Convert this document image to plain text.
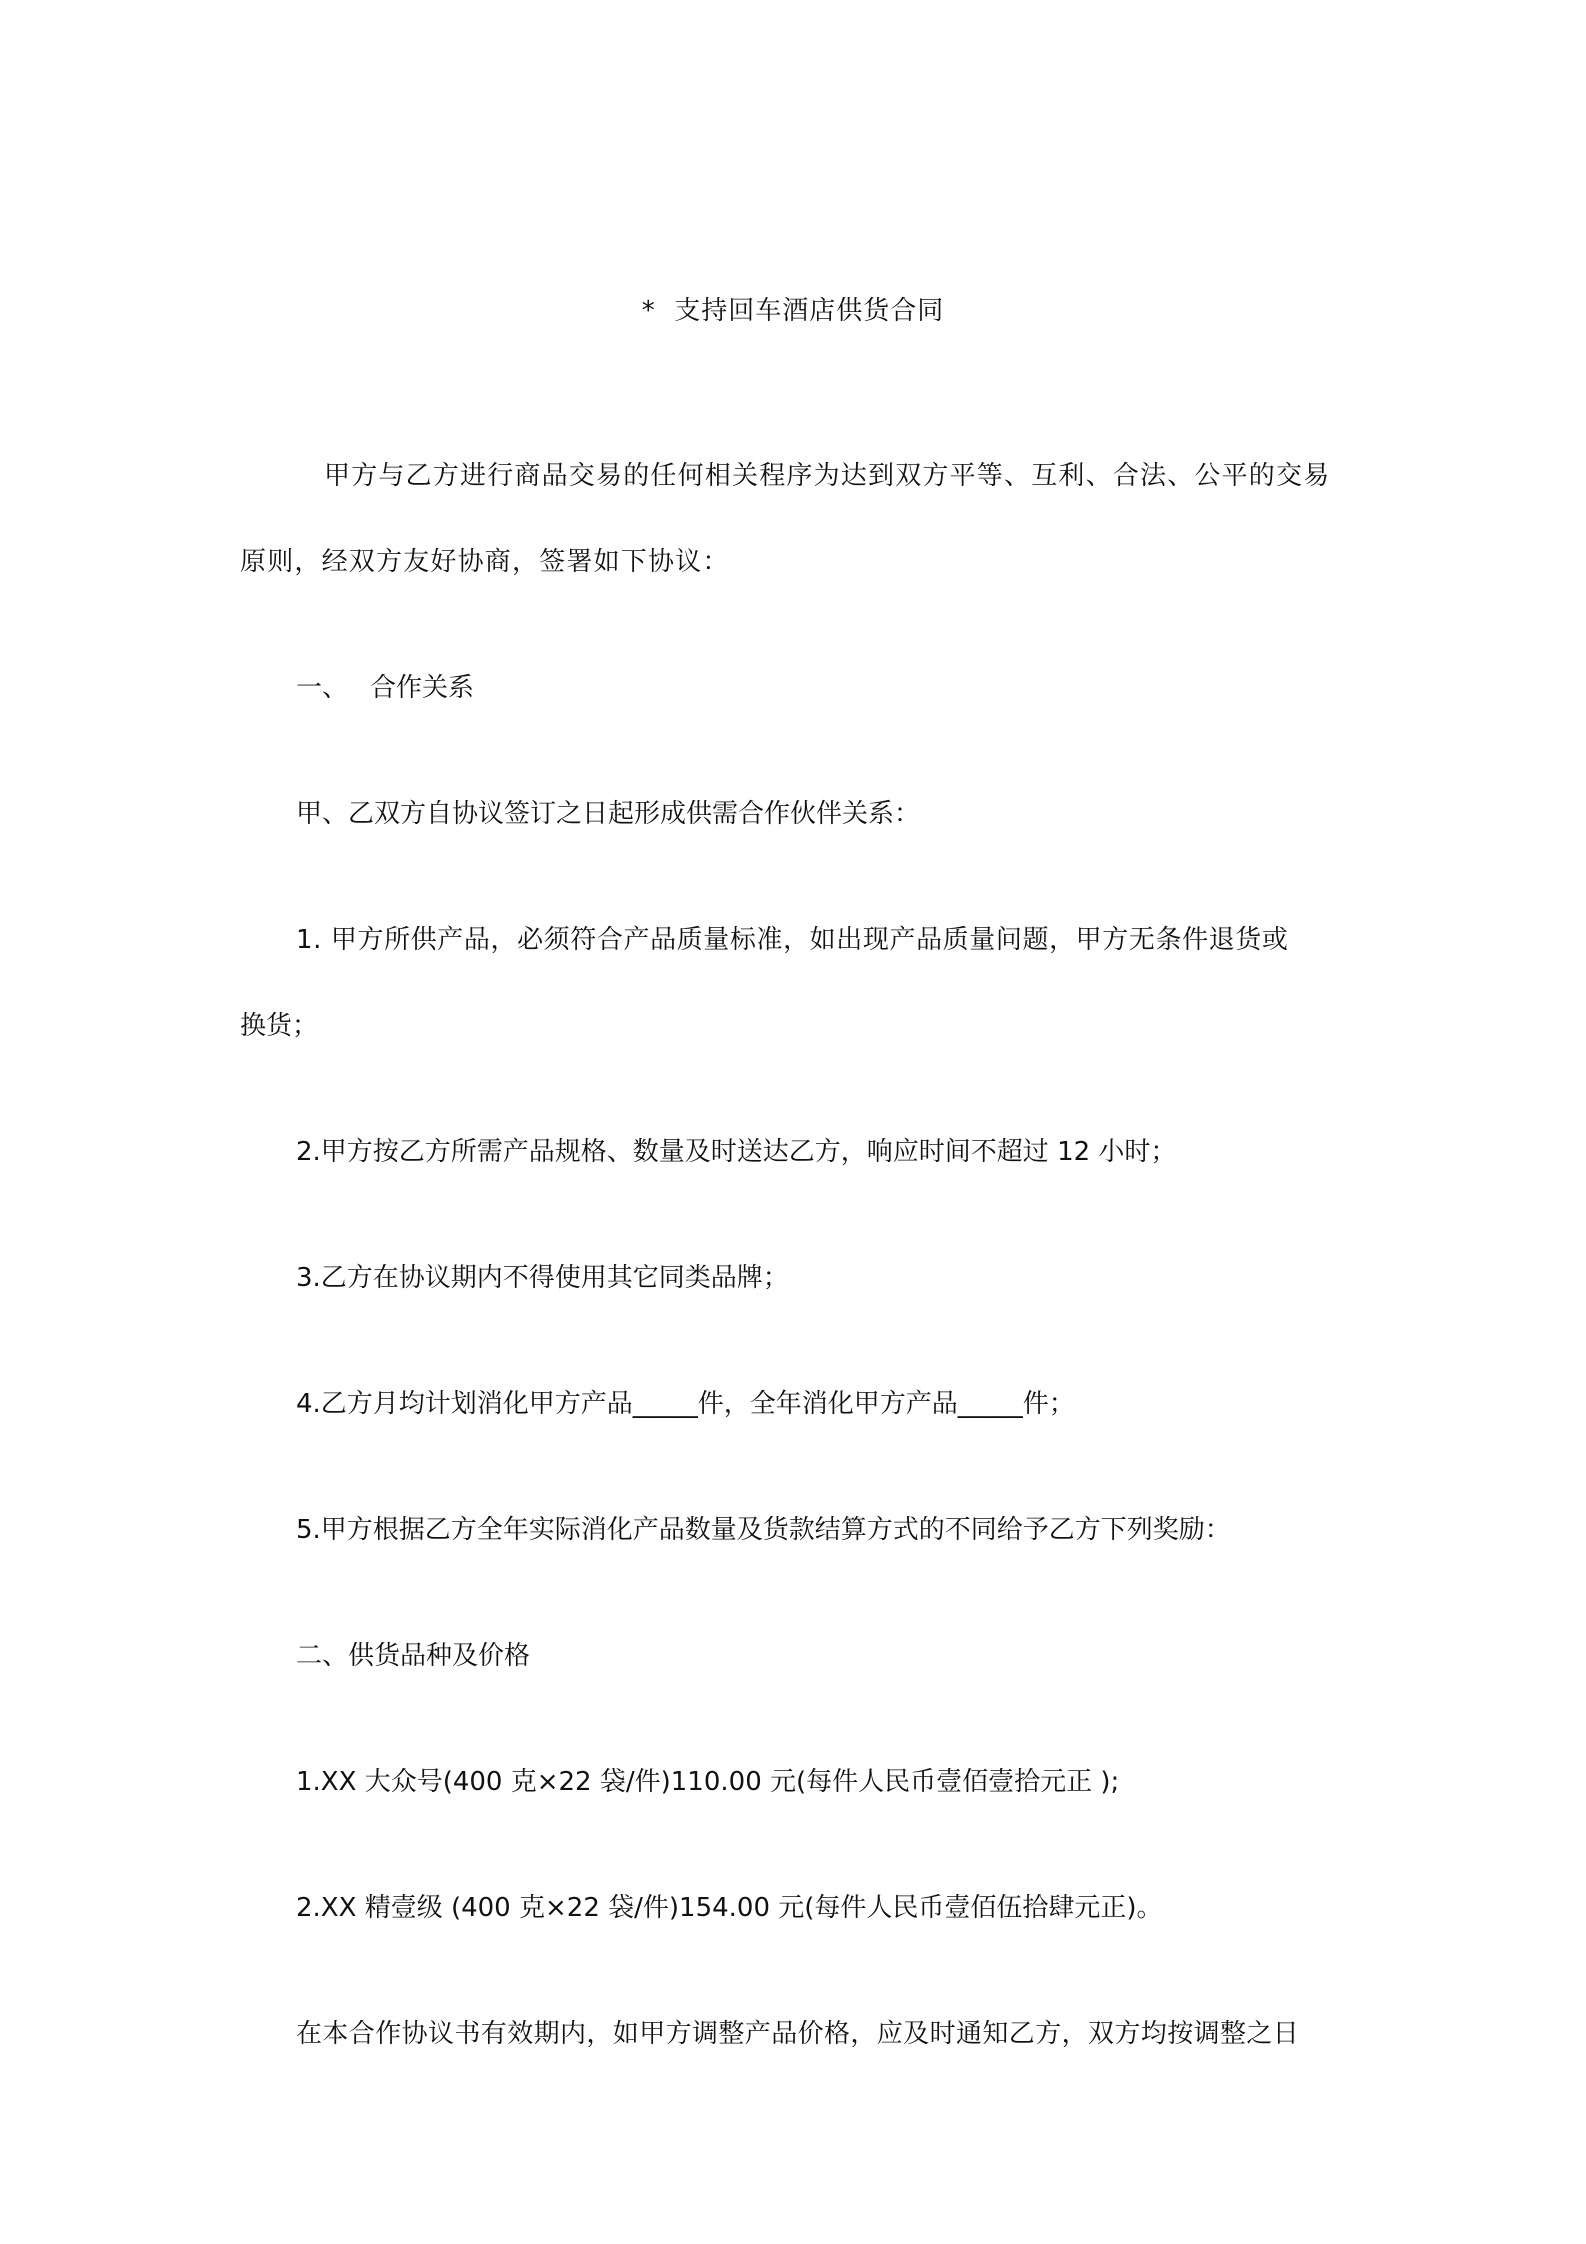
*  支持回车酒店供货合同
甲方与乙方进行商品交易的任何相关程序为达到双方平等、互利、合法、公平的交易
原则，经双方友好协商，签署如下协议：
一、 合作关系
甲、乙双方自协议签订之日起形成供需合作伙伴关系：
1. 甲方所供产品，必须符合产品质量标准，如出现产品质量问题，甲方无条件退货或
换货；
2.甲方按乙方所需产品规格、数量及时送达乙方，响应时间不超过 12 小时；
3.乙方在协议期内不得使用其它同类品牌；
4.乙方月均计划消化甲方产品_____件，全年消化甲方产品_____件；
5.甲方根据乙方全年实际消化产品数量及货款结算方式的不同给予乙方下列奖励：
二、供货品种及价格
1.XX 大众号(400 克×22 袋/件)110.00 元(每件人民币壹佰壹拾元正 );
2.XX 精壹级 (400 克×22 袋/件)154.00 元(每件人民币壹佰伍拾肆元正)。
在本合作协议书有效期内，如甲方调整产品价格，应及时通知乙方，双方均按调整之日
